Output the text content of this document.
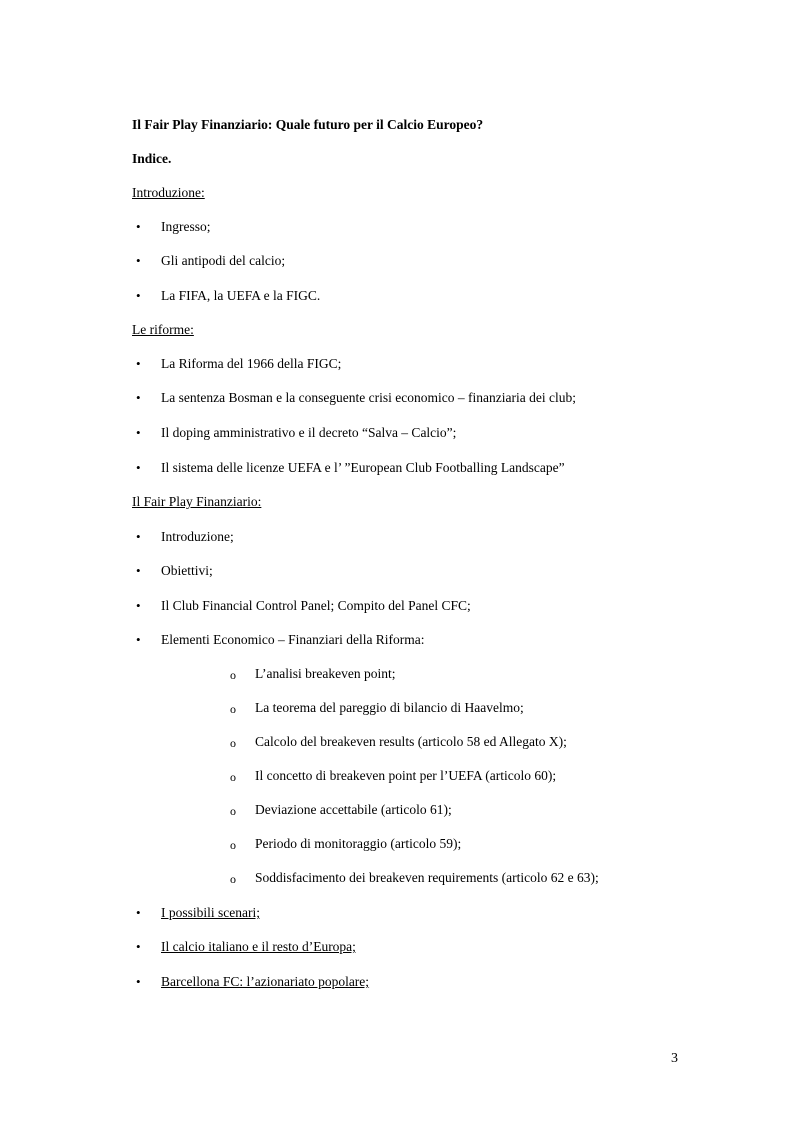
Il Fair Play Finanziario: Quale futuro per il Calcio Europeo?
Indice.
Introduzione:
• Ingresso;
• Gli antipodi del calcio;
• La FIFA, la UEFA e la FIGC.
Le riforme:
• La Riforma del 1966 della FIGC;
• La sentenza Bosman e la conseguente crisi economico – finanziaria dei club;
• Il doping amministrativo e il decreto “Salva – Calcio”;
• Il sistema delle licenze UEFA e l’ ”European Club Footballing Landscape”
Il Fair Play Finanziario:
• Introduzione;
• Obiettivi;
• Il Club Financial Control Panel; Compito del Panel CFC;
• Elementi Economico – Finanziari della Riforma:
o L’analisi breakeven point;
o La teorema del pareggio di bilancio di Haavelmo;
o Calcolo del breakeven results (articolo 58 ed Allegato X);
o Il concetto di breakeven point per l’UEFA (articolo 60);
o Deviazione accettabile (articolo 61);
o Periodo di monitoraggio (articolo 59);
o Soddisfacimento dei breakeven requirements (articolo 62 e 63);
• I possibili scenari;
• Il calcio italiano e il resto d’Europa;
• Barcellona FC: l’azionariato popolare;
3
